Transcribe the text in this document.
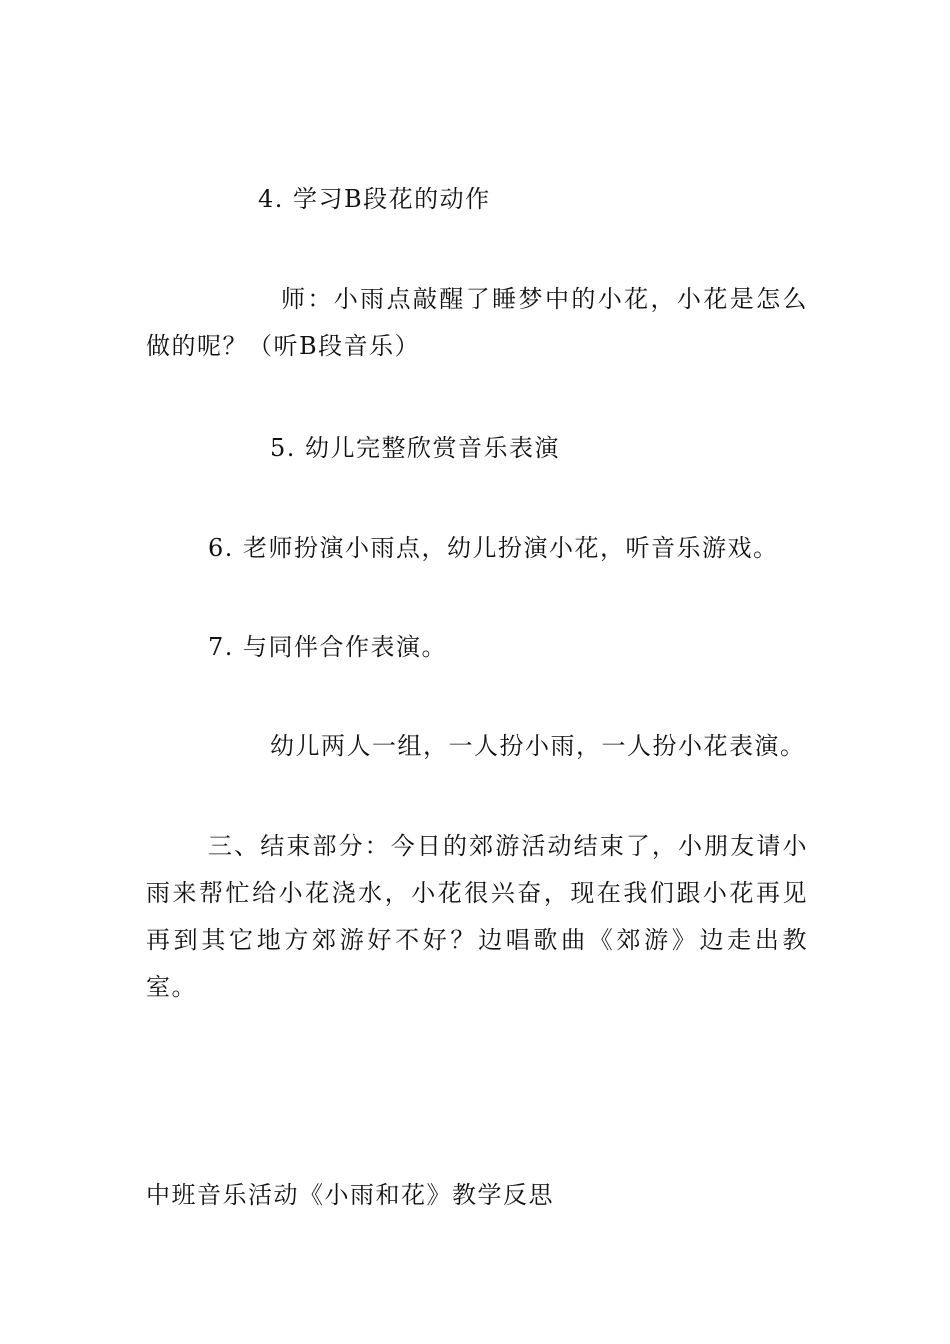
4. 学习B段花的动作
师：小雨点敲醒了睡梦中的小花，小花是怎么做的呢？（听B段音乐）
5. 幼儿完整欣赏音乐表演
6. 老师扮演小雨点，幼儿扮演小花，听音乐游戏。
7. 与同伴合作表演。
幼儿两人一组，一人扮小雨，一人扮小花表演。
三、结束部分：今日的郊游活动结束了，小朋友请小雨来帮忙给小花浇水，小花很兴奋，现在我们跟小花再见再到其它地方郊游好不好？边唱歌曲《郊游》边走出教室。
中班音乐活动《小雨和花》教学反思
